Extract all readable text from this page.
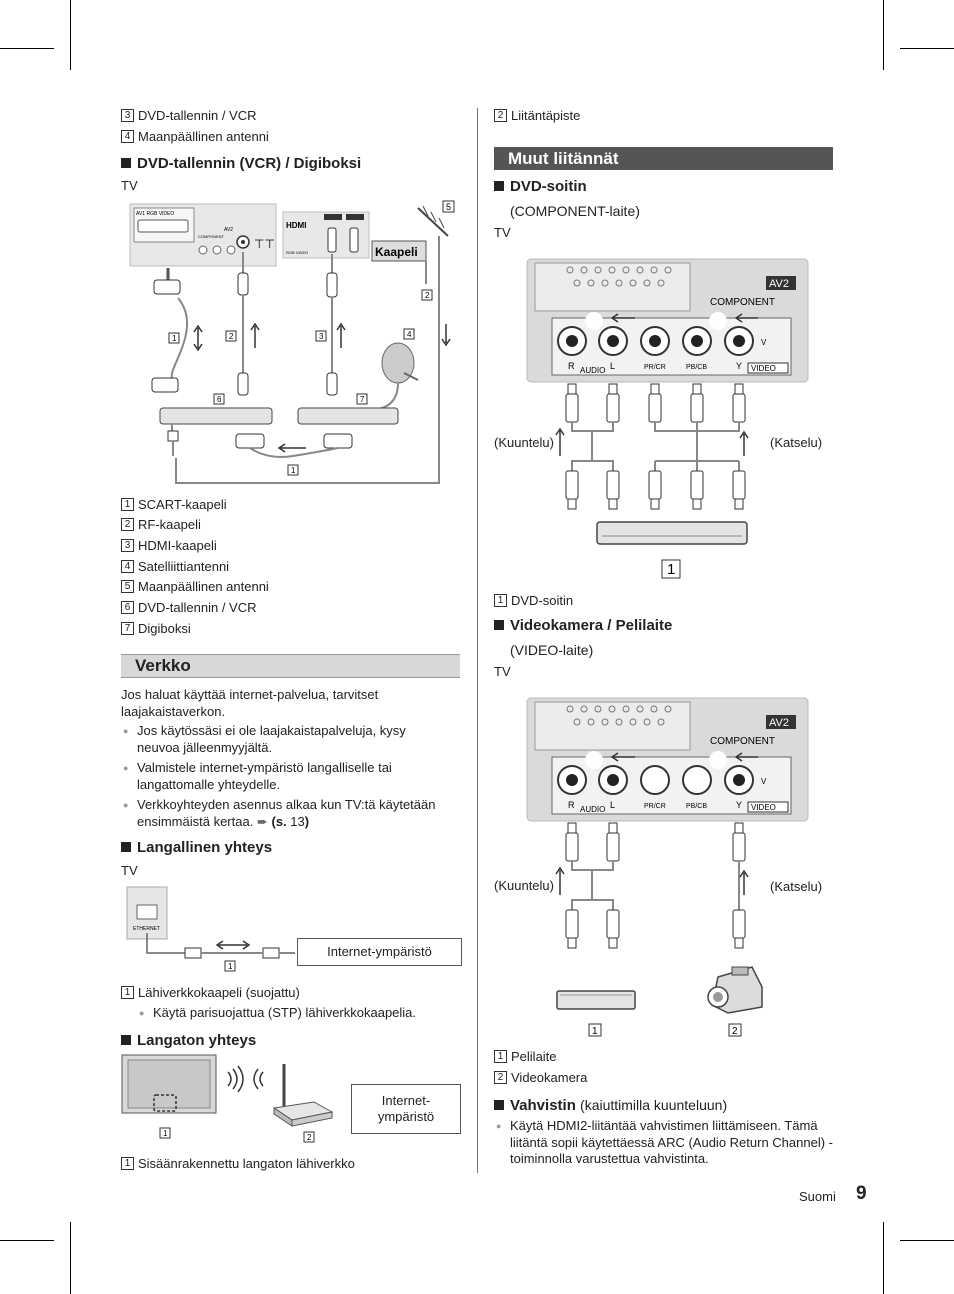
3 DVD-tallennin / VCR
4 Maanpäällinen antenni
DVD-tallennin (VCR) / Digiboksi
TV
AV1 RGB VIDEO
AV2
COMPONENT
⊤⊤
HDMI
RGB VIDEO	Kaapeli
5
1	2	3	4
2
6	7
1
1 SCART-kaapeli
2 RF-kaapeli
3 HDMI-kaapeli
4 Satelliittiantenni
5 Maanpäällinen antenni
6 DVD-tallennin / VCR
7 Digiboksi
Verkko
Jos haluat käyttää internet-palvelua, tarvitset laajakaistaverkon.
● Jos käytössäsi ei ole laajakaistapalveluja, kysy neuvoa jälleenmyyjältä.
● Valmistele internet-ympäristö langalliselle tai langattomalle yhteydelle.
● Verkkoyhteyden asennus alkaa kun TV:tä käytetään ensimmäistä kertaa. ➨ (s. 13)
Langallinen yhteys
TV
ETHERNET
1
Internet-ympäristö
1 Lähiverkkokaapeli (suojattu)
● Käytä parisuojattua (STP) lähiverkkokaapelia.
Langaton yhteys
1	2
Internet-
ympäristö
1 Sisäänrakennettu langaton lähiverkko
2 Liitäntäpiste
Muut liitännät
DVD-soitin
(COMPONENT-laite)
TV
AV2
COMPONENT
R	L
AUDIO	PR/CR	PB/CB	Y
V
VIDEO
1
(Kuuntelu)	(Katselu)
1 DVD-soitin
Videokamera / Pelilaite
(VIDEO-laite)
TV
AV2
COMPONENT
R	L
AUDIO	PR/CR	PB/CB	Y
V
VIDEO
1	2
(Kuuntelu)	(Katselu)
1 Pelilaite
2 Videokamera
Vahvistin (kaiuttimilla kuunteluun)
● Käytä HDMI2-liitäntää vahvistimen liittämiseen. Tämä liitäntä sopii käytettäessä ARC (Audio Return Channel) -toiminnolla varustettua vahvistinta.
Suomi 9
